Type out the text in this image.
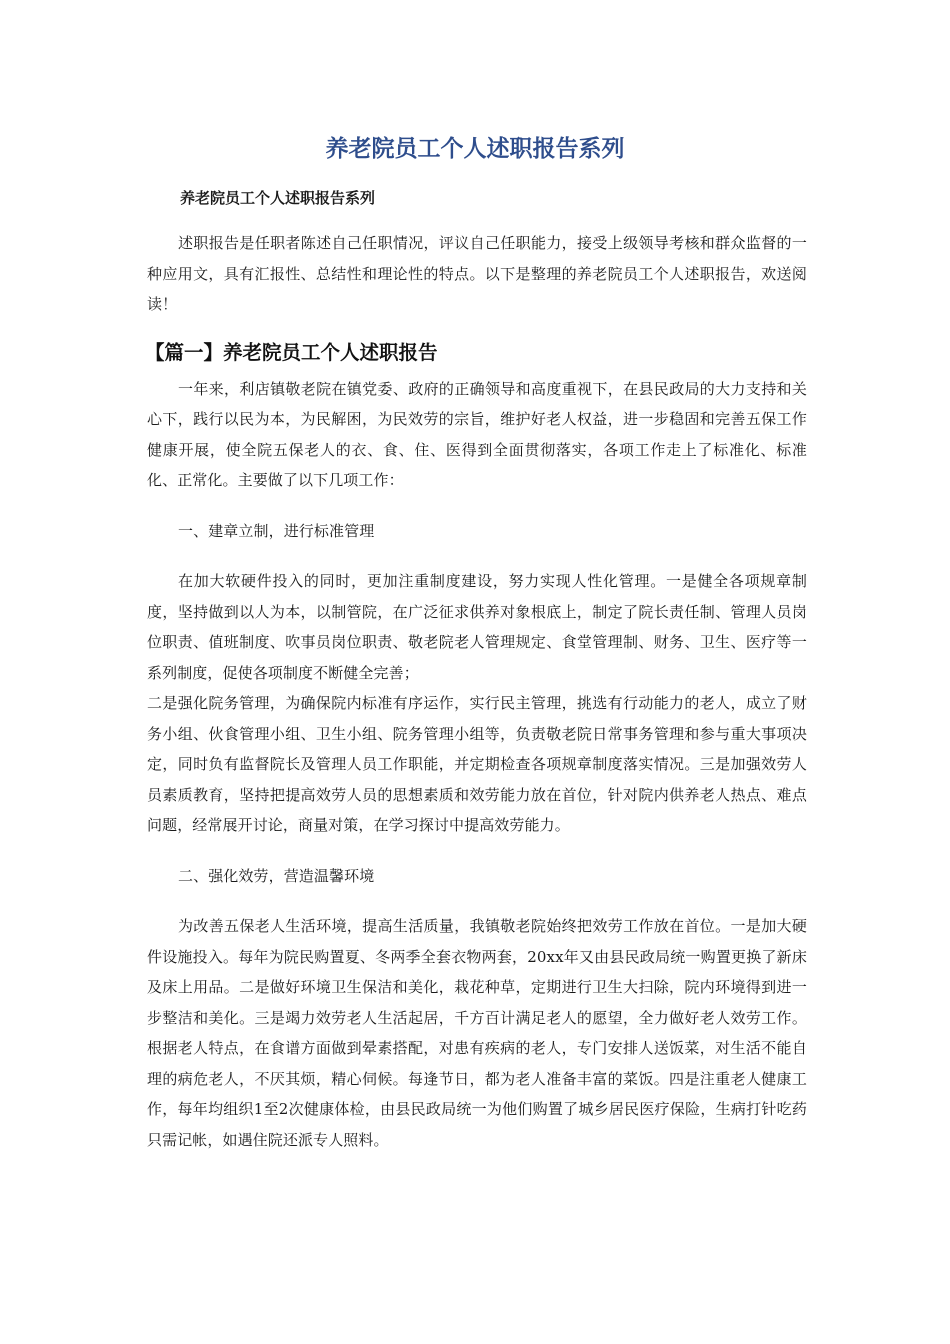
养老院员工个人述职报告系列
养老院员工个人述职报告系列

述职报告是任职者陈述自己任职情况，评议自己任职能力，接受上级领导考核和群众监督的一种应用文，具有汇报性、总结性和理论性的特点。以下是整理的养老院员工个人述职报告，欢送阅读！

【篇一】养老院员工个人述职报告

一年来，利店镇敬老院在镇党委、政府的正确领导和高度重视下，在县民政局的大力支持和关心下，践行以民为本，为民解困，为民效劳的宗旨，维护好老人权益，进一步稳固和完善五保工作健康开展，使全院五保老人的衣、食、住、医得到全面贯彻落实，各项工作走上了标准化、标准化、正常化。主要做了以下几项工作：

一、建章立制，进行标准管理

在加大软硬件投入的同时，更加注重制度建设，努力实现人性化管理。一是健全各项规章制度，坚持做到以人为本，以制管院，在广泛征求供养对象根底上，制定了院长责任制、管理人员岗位职责、值班制度、吹事员岗位职责、敬老院老人管理规定、食堂管理制、财务、卫生、医疗等一系列制度，促使各项制度不断健全完善；

二是强化院务管理，为确保院内标准有序运作，实行民主管理，挑选有行动能力的老人，成立了财务小组、伙食管理小组、卫生小组、院务管理小组等，负责敬老院日常事务管理和参与重大事项决定，同时负有监督院长及管理人员工作职能，并定期检查各项规章制度落实情况。三是加强效劳人员素质教育，坚持把提高效劳人员的思想素质和效劳能力放在首位，针对院内供养老人热点、难点问题，经常展开讨论，商量对策，在学习探讨中提高效劳能力。

二、强化效劳，营造温馨环境

为改善五保老人生活环境，提高生活质量，我镇敬老院始终把效劳工作放在首位。一是加大硬件设施投入。每年为院民购置夏、冬两季全套衣物两套，20xx年又由县民政局统一购置更换了新床及床上用品。二是做好环境卫生保洁和美化，栽花种草，定期进行卫生大扫除，院内环境得到进一步整洁和美化。三是竭力效劳老人生活起居，千方百计满足老人的愿望，全力做好老人效劳工作。根据老人特点，在食谱方面做到晕素搭配，对患有疾病的老人，专门安排人送饭菜，对生活不能自理的病危老人，不厌其烦，精心伺候。每逢节日，都为老人准备丰富的菜饭。四是注重老人健康工作，每年均组织1至2次健康体检，由县民政局统一为他们购置了城乡居民医疗保险，生病打针吃药只需记帐，如遇住院还派专人照料。
